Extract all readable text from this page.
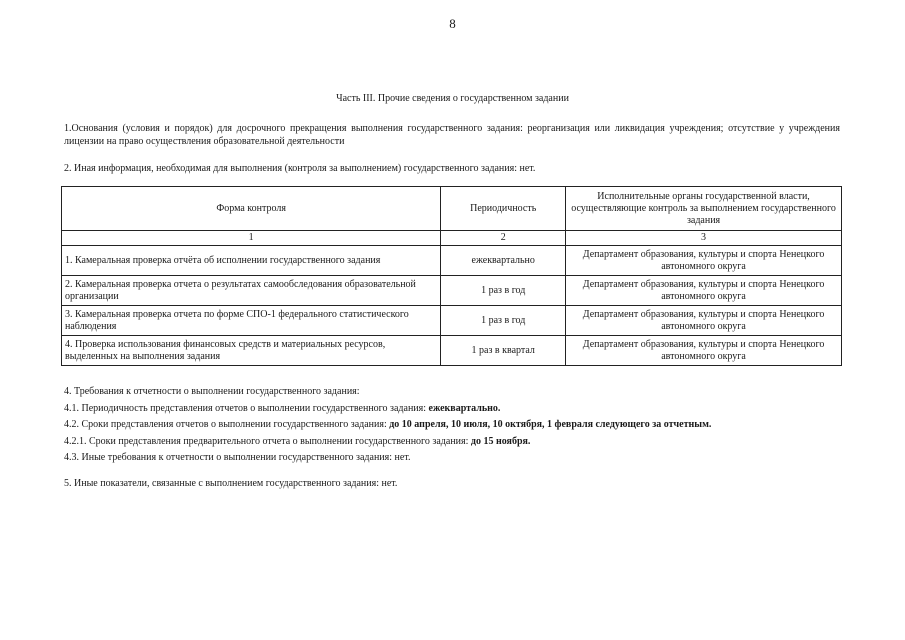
8
Часть III. Прочие сведения о государственном задании
1.Основания (условия и порядок) для досрочного прекращения выполнения государственного задания: реорганизация или ликвидация учреждения; отсутствие у учреждения лицензии на право осуществления образовательной деятельности
2. Иная информация, необходимая для выполнения (контроля за выполнением) государственного задания: нет.
Форма контроля	Периодичность	Исполнительные органы государственной власти, осуществляющие контроль за выполнением государственного задания
1	2	3
1. Камеральная проверка отчёта об исполнении государственного задания	ежеквартально	Департамент образования, культуры и спорта Ненецкого автономного округа
2. Камеральная проверка отчета о результатах самообследования образовательной организации	1 раз в год	Департамент образования, культуры и спорта Ненецкого автономного округа
3. Камеральная проверка отчета по форме СПО-1 федерального статистического наблюдения	1 раз в год	Департамент образования, культуры и спорта Ненецкого автономного округа
4. Проверка использования финансовых средств и материальных ресурсов, выделенных на выполнения задания	1 раз в квартал	Департамент образования, культуры и спорта Ненецкого автономного округа
4. Требования к отчетности о выполнении государственного задания:
4.1. Периодичность представления отчетов о выполнении государственного задания: ежеквартально.
4.2. Сроки представления отчетов о выполнении государственного задания: до 10 апреля, 10 июля, 10 октября, 1 февраля следующего за отчетным.
4.2.1. Сроки представления предварительного отчета о выполнении государственного задания: до 15 ноября.
4.3. Иные требования к отчетности о выполнении государственного задания: нет.
5. Иные показатели, связанные с выполнением государственного задания: нет.
